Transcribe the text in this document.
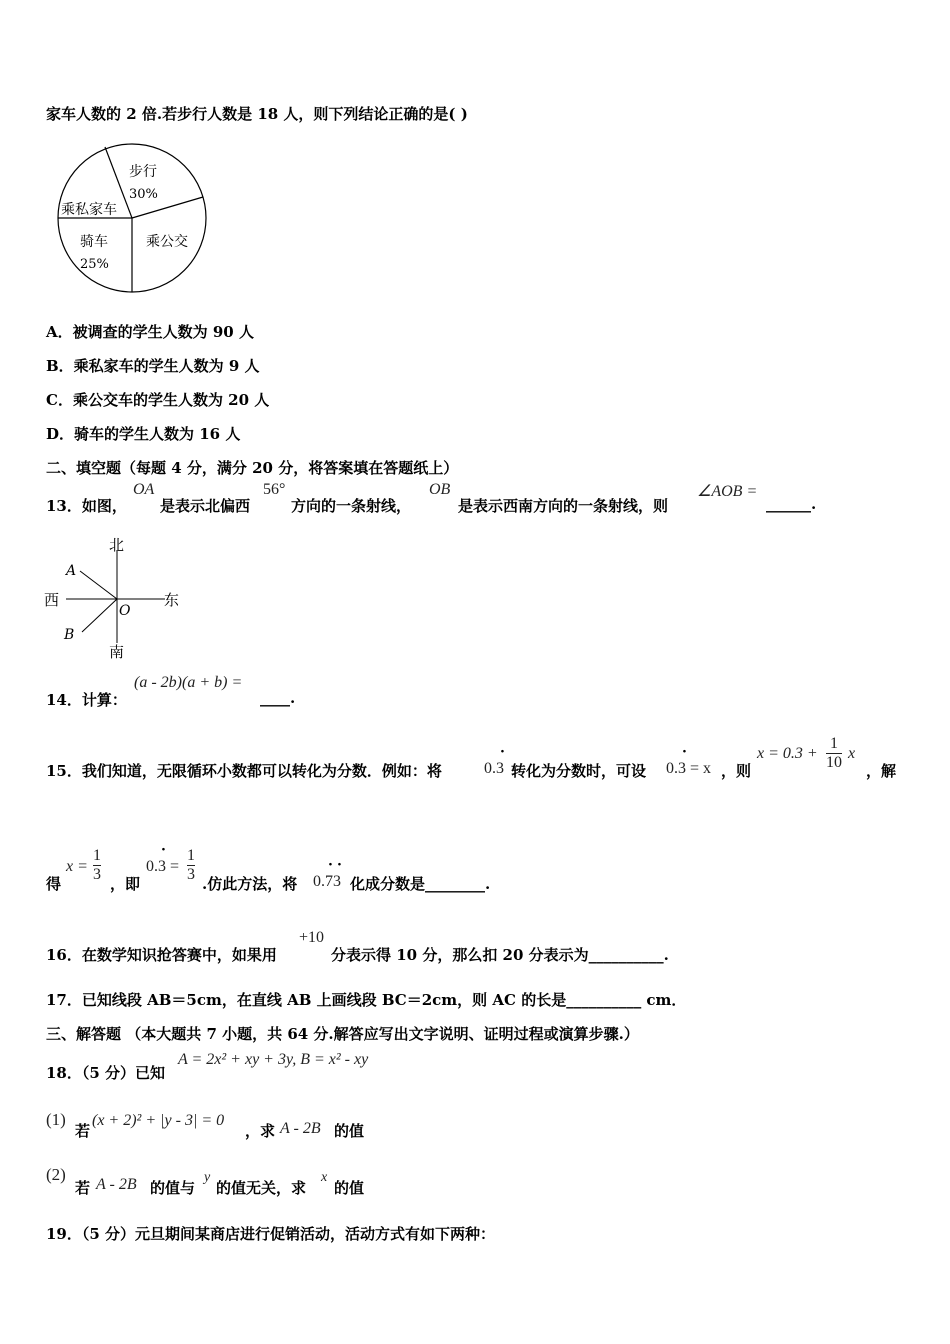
家车人数的 2 倍.若步行人数是 18 人，则下列结论正确的是( )
步行
30%
乘公交
骑车
25%
乘私家车
A．被调查的学生人数为 90 人
B．乘私家车的学生人数为 9 人
C．乘公交车的学生人数为 20 人
D．骑车的学生人数为 16 人
二、填空题（每题 4 分，满分 20 分，将答案填在答题纸上）
13．如图，
OA
是表示北偏西
56°
方向的一条射线，
OB
是表示西南方向的一条射线，则
∠AOB =
______.
北
南
西	东
A
B
O
14．计算：
(a - 2b)(a + b) =
____.
15．我们知道，无限循环小数都可以转化为分数．例如：将	0.3
·
转化为分数时，可设 0.3 = x
·
，则
x = 0.3 +
1
10
x
，解
得
x =
1
3
，即
0.3 =
· 1
3
.仿此方法，将 0.73
· ·
化成分数是________.
16．在数学知识抢答赛中，如果用
+10
分表示得 10 分，那么扣 20 分表示为__________.
17．已知线段 AB＝5cm，在直线 AB 上画线段 BC＝2cm，则 AC 的长是__________ cm．
三、解答题 （本大题共 7 小题，共 64 分.解答应写出文字说明、证明过程或演算步骤.）
18．（5 分）已知
A = 2x² + xy + 3y, B = x² - xy
(1)
若
(x + 2)² + |y - 3| = 0
，求 A - 2B 的值
(2)
若 A - 2B 的值与
y
的值无关，求
x
的值
19．（5 分）元旦期间某商店进行促销活动，活动方式有如下两种：
